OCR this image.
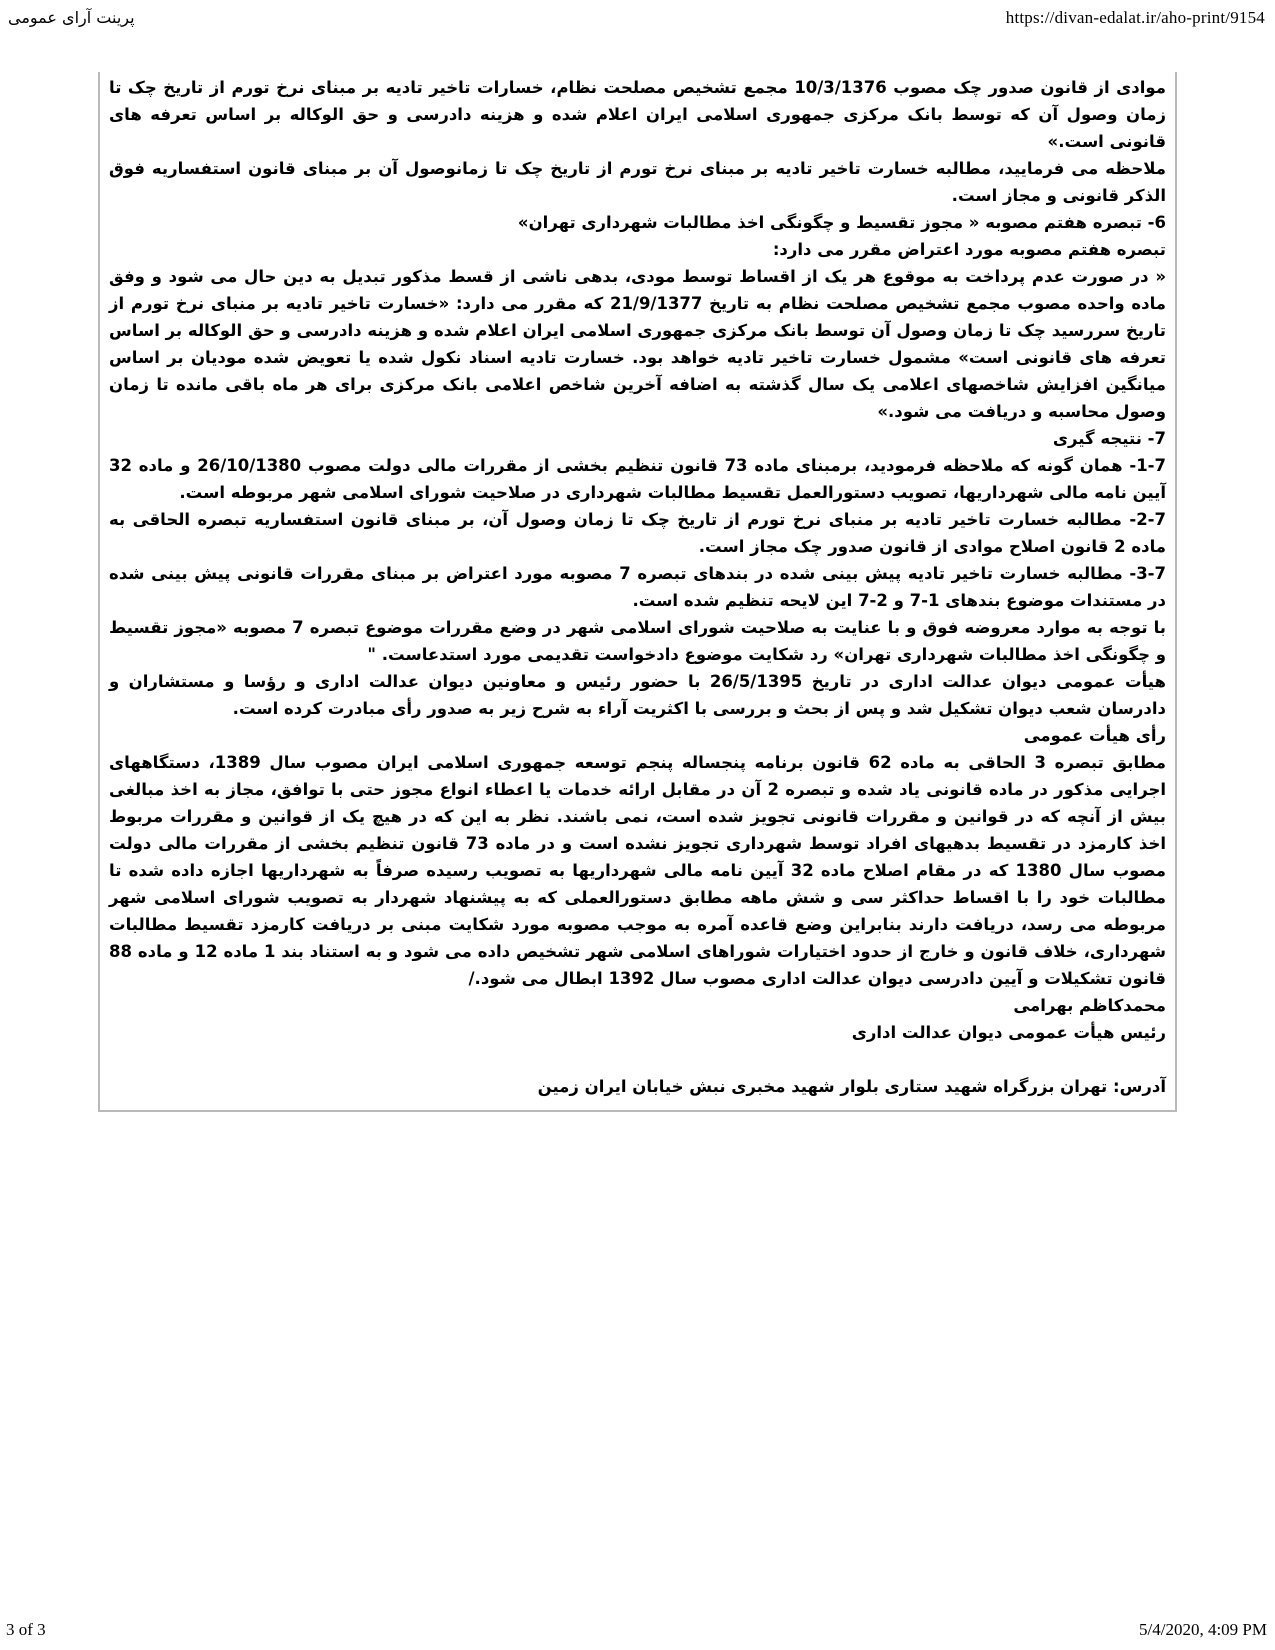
پرینت آرای عمومی	https://divan-edalat.ir/aho-print/9154

موادی از قانون صدور چک مصوب 10/3/1376 مجمع تشخیص مصلحت نظام، خسارات تاخیر تادیه بر مبنای نرخ تورم از تاریخ چک تا زمان وصول آن که توسط بانک مرکزی جمهوری اسلامی ایران اعلام شده و هزینه دادرسی و حق الوکاله بر اساس تعرفه های قانونی است.»

ملاحظه می فرمایید، مطالبه خسارت تاخیر تادیه بر مبنای نرخ تورم از تاریخ چک تا زمانوصول آن بر مبنای قانون استفساریه فوق الذکر قانونی و مجاز است.

6- تبصره هفتم مصوبه « مجوز تقسیط و چگونگی اخذ مطالبات شهرداری تهران»

تبصره هفتم مصوبه مورد اعتراض مقرر می دارد:

« در صورت عدم پرداخت به موقوع هر یک از اقساط توسط مودی، بدهی ناشی از قسط مذکور تبدیل به دین حال می شود و وفق ماده واحده مصوب مجمع تشخیص مصلحت نظام به تاریخ 21/9/1377 که مقرر می دارد: «خسارت تاخیر تادیه بر منبای نرخ تورم از تاریخ سررسید چک تا زمان وصول آن توسط بانک مرکزی جمهوری اسلامی ایران اعلام شده و هزینه دادرسی و حق الوکاله بر اساس تعرفه های قانونی است» مشمول خسارت تاخیر تادیه خواهد بود. خسارت تادیه اسناد نکول شده یا تعویض شده مودیان بر اساس میانگین افزایش شاخصهای اعلامی یک سال گذشته به اضافه آخرین شاخص اعلامی بانک مرکزی برای هر ماه باقی مانده تا زمان وصول محاسبه و دریافت می شود.»

7- نتیجه گیری

1-7- همان گونه که ملاحظه فرمودید، برمبنای ماده 73 قانون تنظیم بخشی از مقررات مالی دولت مصوب 26/10/1380 و ماده 32 آیین نامه مالی شهرداریها، تصویب دستورالعمل تقسیط مطالبات شهرداری در صلاحیت شورای اسلامی شهر مربوطه است.

2-7- مطالبه خسارت تاخیر تادیه بر منبای نرخ تورم از تاریخ چک تا زمان وصول آن، بر مبنای قانون استفساریه تبصره الحاقی به ماده 2 قانون اصلاح موادی از قانون صدور چک مجاز است.

3-7- مطالبه خسارت تاخیر تادیه پیش بینی شده در بندهای تبصره 7 مصوبه مورد اعتراض بر مبنای مقررات قانونی پیش بینی شده در مستندات موضوع بندهای 1-7 و 2-7 این لایحه تنظیم شده است.

با توجه به موارد معروضه فوق و با عنایت به صلاحیت شورای اسلامی شهر در وضع مقررات موضوع تبصره 7 مصوبه «مجوز تقسیط و چگونگی اخذ مطالبات شهرداری تهران» رد شکایت موضوع دادخواست تقدیمی مورد استدعاست. "

هیأت عمومی دیوان عدالت اداری در تاریخ 26/5/1395 با حضور رئیس و معاونین دیوان عدالت اداری و رؤسا و مستشاران و دادرسان شعب دیوان تشکیل شد و پس از بحث و بررسی با اکثریت آراء به شرح زیر به صدور رأی مبادرت کرده است.

رأی هیأت عمومی

مطابق تبصره 3 الحاقی به ماده 62 قانون برنامه پنجساله پنجم توسعه جمهوری اسلامی ایران مصوب سال 1389، دستگاههای اجرایی مذکور در ماده قانونی یاد شده و تبصره 2 آن در مقابل ارائه خدمات یا اعطاء انواع مجوز حتی با توافق، مجاز به اخذ مبالغی بیش از آنچه که در قوانین و مقررات قانونی تجویز شده است، نمی باشند. نظر به این که در هیچ یک از قوانین و مقررات مربوط اخذ کارمزد در تقسیط بدهیهای افراد توسط شهرداری تجویز نشده است و در ماده 73 قانون تنظیم بخشی از مقررات مالی دولت مصوب سال 1380 که در مقام اصلاح ماده 32 آیین نامه مالی شهرداریها به تصویب رسیده صرفاً به شهرداریها اجازه داده شده تا مطالبات خود را با اقساط حداکثر سی و شش ماهه مطابق دستورالعملی که به پیشنهاد شهردار به تصویب شورای اسلامی شهر مربوطه می رسد، دریافت دارند بنابراین وضع قاعده آمره به موجب مصوبه مورد شکایت مبنی بر دریافت کارمزد تقسیط مطالبات شهرداری، خلاف قانون و خارج از حدود اختیارات شوراهای اسلامی شهر تشخیص داده می شود و به استناد بند 1 ماده 12 و ماده 88 قانون تشکیلات و آیین دادرسی دیوان عدالت اداری مصوب سال 1392 ابطال می شود./

محمدکاظم بهرامی

رئیس هیأت عمومی دیوان عدالت اداری

آدرس: تهران بزرگراه شهید ستاری بلوار شهید مخبری نبش خیابان ایران زمین

3 of 3	5/4/2020, 4:09 PM
